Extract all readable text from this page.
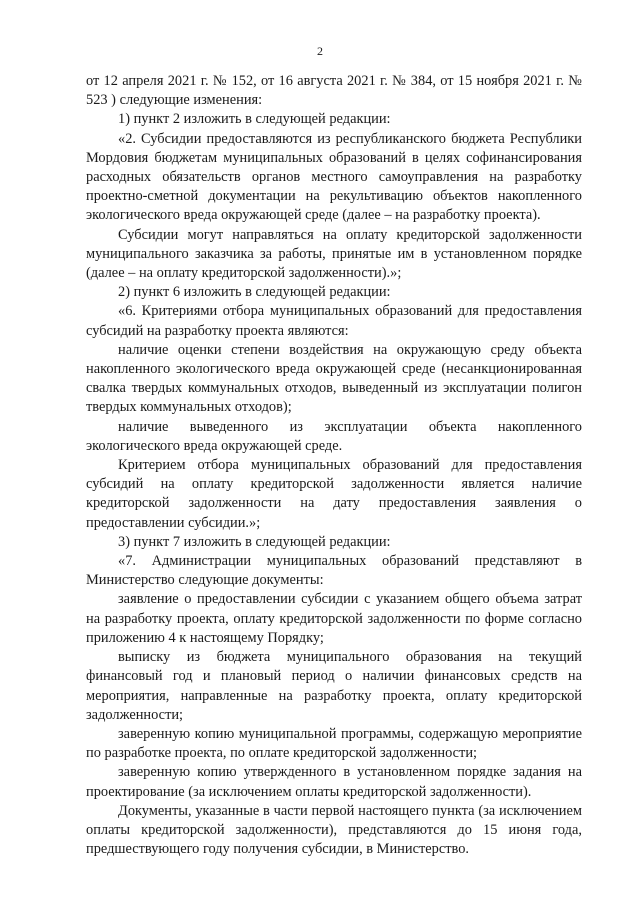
2

от 12 апреля 2021 г. № 152, от 16 августа 2021 г. № 384, от 15 ноября 2021 г. № 523 ) следующие изменения:

1) пункт 2 изложить в следующей редакции:

«2. Субсидии предоставляются из республиканского бюджета Республики Мордовия бюджетам муниципальных образований в целях софинансирования расходных обязательств органов местного самоуправления на разработку проектно-сметной документации на рекультивацию объектов накопленного экологического вреда окружающей среде (далее – на разработку проекта).

Субсидии могут направляться на оплату кредиторской задолженности муниципального заказчика за работы, принятые им в установленном порядке (далее – на оплату кредиторской задолженности).»;

2) пункт 6 изложить в следующей редакции:

«6. Критериями отбора муниципальных образований для предоставления субсидий на разработку проекта являются:

наличие оценки степени воздействия на окружающую среду объекта накопленного экологического вреда окружающей среде (несанкционированная свалка твердых коммунальных отходов, выведенный из эксплуатации полигон твердых коммунальных отходов);

наличие выведенного из эксплуатации объекта накопленного экологического вреда окружающей среде.

Критерием отбора муниципальных образований для предоставления субсидий на оплату кредиторской задолженности является наличие кредиторской задолженности на дату предоставления заявления о предоставлении субсидии.»;

3) пункт 7 изложить в следующей редакции:

«7. Администрации муниципальных образований представляют в Министерство следующие документы:

заявление о предоставлении субсидии с указанием общего объема затрат на разработку проекта, оплату кредиторской задолженности по форме согласно приложению 4 к настоящему Порядку;

выписку из бюджета муниципального образования на текущий финансовый год и плановый период о наличии финансовых средств на мероприятия, направленные на разработку проекта, оплату кредиторской задолженности;

заверенную копию муниципальной программы, содержащую мероприятие по разработке проекта, по оплате кредиторской задолженности;

заверенную копию утвержденного в установленном порядке задания на проектирование (за исключением оплаты кредиторской задолженности).

Документы, указанные в части первой настоящего пункта (за исключением оплаты кредиторской задолженности), представляются до 15 июня года, предшествующего году получения субсидии, в Министерство.
